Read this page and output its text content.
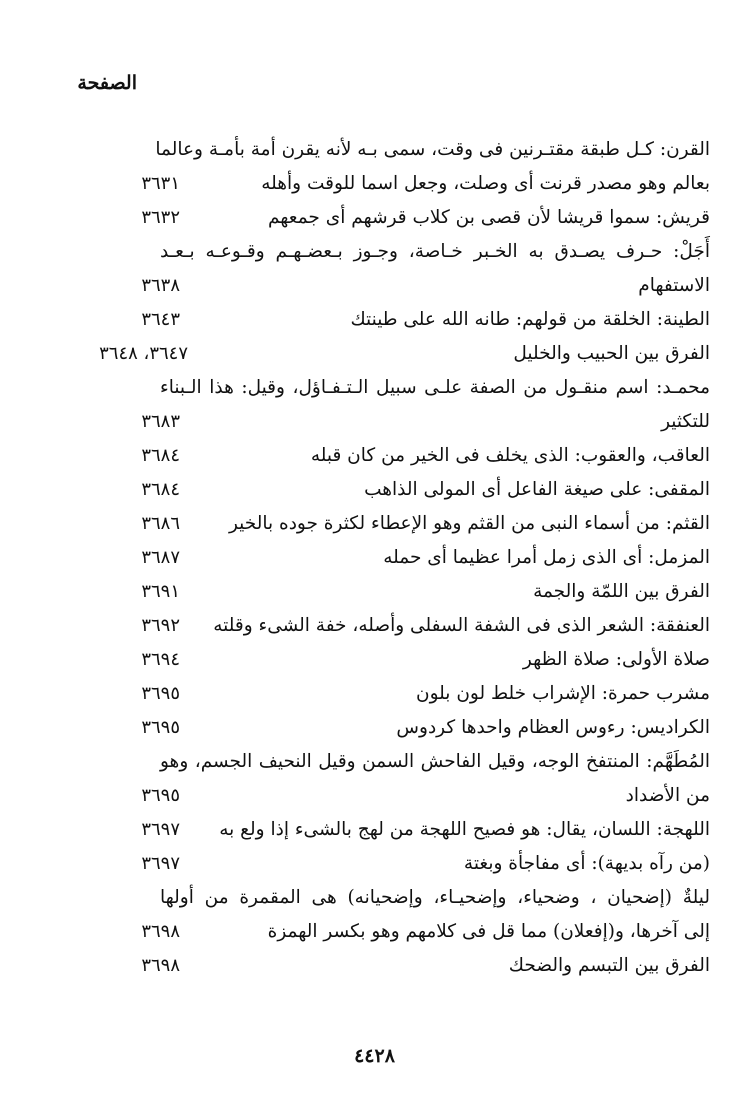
الصفحة
القرن: كـل طبقة مقتـرنين فى وقت، سمى بـه لأنه يقرن أمة بأمـة وعالما
بعالم وهو مصدر قرنت أى وصلت، وجعل اسما للوقت وأهله
٣٦٣١
قريش: سموا قريشا لأن قصى بن كلاب قرشهم أى جمعهم
٣٦٣٢
أَجَلْ: حـرف يصـدق به الخـبر خـاصة، وجـوز بـعضـهـم وقـوعـه بـعـد
الاستفهام
٣٦٣٨
الطينة: الخلقة من قولهم: طانه الله على طينتك
٣٦٤٣
الفرق بين الحبيب والخليل
٣٦٤٧، ٣٦٤٨
محمـد: اسم منقـول من الصفة علـى سبيل الـتـفـاؤل، وقيل: هذا الـبناء
للتكثير
٣٦٨٣
العاقب، والعقوب: الذى يخلف فى الخير من كان قبله
٣٦٨٤
المقفى: على صيغة الفاعل أى المولى الذاهب
٣٦٨٤
القثم: من أسماء النبى من القثم وهو الإعطاء لكثرة جوده بالخير
٣٦٨٦
المزمل: أى الذى زمل أمرا عظيما أى حمله
٣٦٨٧
الفرق بين اللمّة والجمة
٣٦٩١
العنفقة: الشعر الذى فى الشفة السفلى وأصله، خفة الشىء وقلته
٣٦٩٢
صلاة الأولى: صلاة الظهر
٣٦٩٤
مشرب حمرة: الإشراب خلط لون بلون
٣٦٩٥
الكراديس: رءوس العظام واحدها كردوس
٣٦٩٥
المُطَهَّم: المنتفخ الوجه، وقيل الفاحش السمن وقيل النحيف الجسم، وهو
من الأضداد
٣٦٩٥
اللهجة: اللسان، يقال: هو فصيح اللهجة من لهج بالشىء إذا ولع به
٣٦٩٧
(من رآه بديهة): أى مفاجأة وبغتة
٣٦٩٧
ليلةٌ (إضحيان ، وضحياء، وإضحيـاء، وإضحيانه) هى المقمرة من أولها
إلى آخرها، و(إفعلان) مما قل فى كلامهم وهو بكسر الهمزة
٣٦٩٨
الفرق بين التبسم والضحك
٣٦٩٨
٤٤٢٨
